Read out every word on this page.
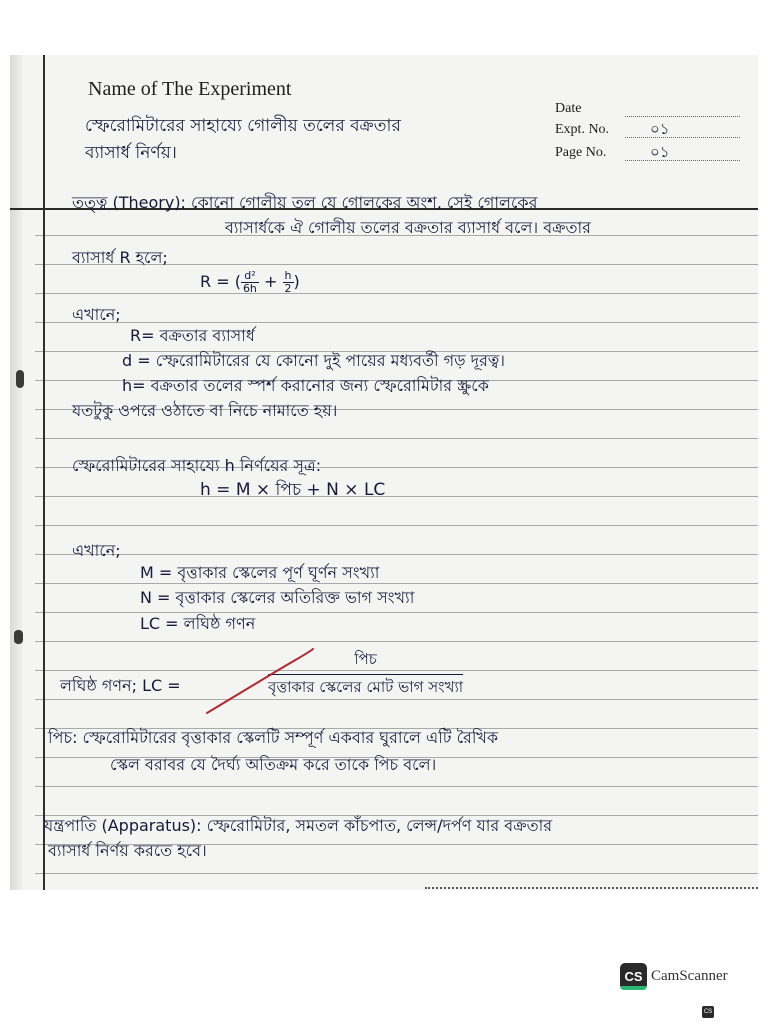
Name of The Experiment
Date
Expt. No.	০১
Page No.	০১
স্ফেরোমিটারের সাহায্যে গোলীয় তলের বক্রতার
ব্যাসার্ধ নির্ণয়।
তত্ত্ব (Theory): কোনো গোলীয় তল যে গোলকের অংশ, সেই গোলকের
ব্যাসার্ধকে ঐ গোলীয় তলের বক্রতার ব্যাসার্ধ বলে। বক্রতার
ব্যাসার্ধ R হলে;
R = ( $\frac{\text{d²}}{6h} + \frac{h}{2}$ )
এখানে;
R= বক্রতার ব্যাসার্ধ
d = স্ফেরোমিটারের যে কোনো দুই পায়ের মধ্যবর্তী গড় দূরত্ব।
h= বক্রতার তলের স্পর্শ করানোর জন্য স্ফেরোমিটার স্ক্রুকে
যতটুকু ওপরে ওঠাতে বা নিচে নামাতে হয়।
স্ফেরোমিটারের সাহায্যে h নির্ণয়ের সূত্র:
h = M × পিচ + N × LC
এখানে;
M = বৃত্তাকার স্কেলের পূর্ণ ঘূর্ণন সংখ্যা
N = বৃত্তাকার স্কেলের অতিরিক্ত ভাগ সংখ্যা
LC = লঘিষ্ঠ গণন
লঘিষ্ঠ গণন; LC =
পিচ
বৃত্তাকার স্কেলের মোট ভাগ সংখ্যা
পিচ: স্ফেরোমিটারের বৃত্তাকার স্কেলটি সম্পূর্ণ একবার ঘুরালে এটি রৈখিক
স্কেল বরাবর যে দৈর্ঘ্য অতিক্রম করে তাকে পিচ বলে।
যন্ত্রপাতি (Apparatus): স্ফেরোমিটার, সমতল কাঁচপাত, লেন্স/দর্পণ যার বক্রতার
ব্যাসার্ধ নির্ণয় করতে হবে।
CS CamScanner
CS
